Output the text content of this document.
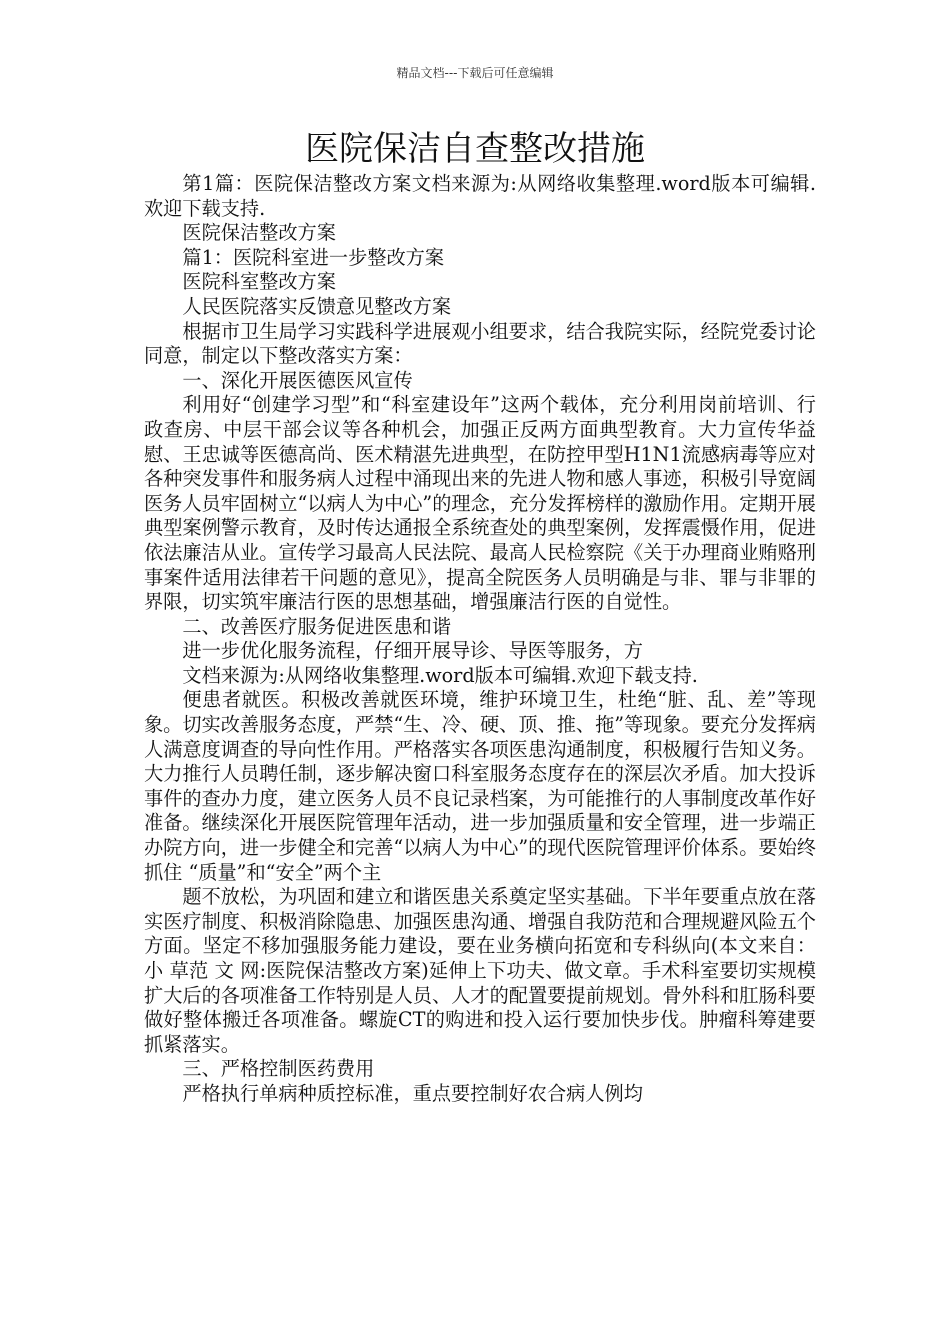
精品文档---下载后可任意编辑
医院保洁自查整改措施

第1篇：医院保洁整改方案文档来源为:从网络收集整理.word版本可编辑.欢迎下载支持.

医院保洁整改方案

篇1：医院科室进一步整改方案

医院科室整改方案

人民医院落实反馈意见整改方案

根据市卫生局学习实践科学进展观小组要求，结合我院实际，经院党委讨论同意，制定以下整改落实方案：

一、深化开展医德医风宣传

利用好“创建学习型”和“科室建设年”这两个载体，充分利用岗前培训、行政查房、中层干部会议等各种机会，加强正反两方面典型教育。大力宣传华益慰、王忠诚等医德高尚、医术精湛先进典型，在防控甲型H1N1流感病毒等应对各种突发事件和服务病人过程中涌现出来的先进人物和感人事迹，积极引导宽阔医务人员牢固树立“以病人为中心”的理念，充分发挥榜样的激励作用。定期开展典型案例警示教育，及时传达通报全系统查处的典型案例，发挥震慑作用，促进依法廉洁从业。宣传学习最高人民法院、最高人民检察院《关于办理商业贿赂刑事案件适用法律若干问题的意见》，提高全院医务人员明确是与非、罪与非罪的界限，切实筑牢廉洁行医的思想基础，增强廉洁行医的自觉性。

二、改善医疗服务促进医患和谐

进一步优化服务流程，仔细开展导诊、导医等服务，方

文档来源为:从网络收集整理.word版本可编辑.欢迎下载支持.

便患者就医。积极改善就医环境，维护环境卫生，杜绝“脏、乱、差”等现象。切实改善服务态度，严禁“生、冷、硬、顶、推、拖”等现象。要充分发挥病人满意度调查的导向性作用。严格落实各项医患沟通制度，积极履行告知义务。大力推行人员聘任制，逐步解决窗口科室服务态度存在的深层次矛盾。加大投诉事件的查办力度，建立医务人员不良记录档案，为可能推行的人事制度改革作好准备。继续深化开展医院管理年活动，进一步加强质量和安全管理，进一步端正办院方向，进一步健全和完善“以病人为中心”的现代医院管理评价体系。要始终抓住 “质量”和“安全”两个主

题不放松，为巩固和建立和谐医患关系奠定坚实基础。下半年要重点放在落实医疗制度、积极消除隐患、加强医患沟通、增强自我防范和合理规避风险五个方面。坚定不移加强服务能力建设，要在业务横向拓宽和专科纵向(本文来自： 小 草范 文 网:医院保洁整改方案)延伸上下功夫、做文章。手术科室要切实规模扩大后的各项准备工作特别是人员、人才的配置要提前规划。骨外科和肛肠科要做好整体搬迁各项准备。螺旋CT的购进和投入运行要加快步伐。肿瘤科筹建要抓紧落实。

三、严格控制医药费用

严格执行单病种质控标准，重点要控制好农合病人例均
